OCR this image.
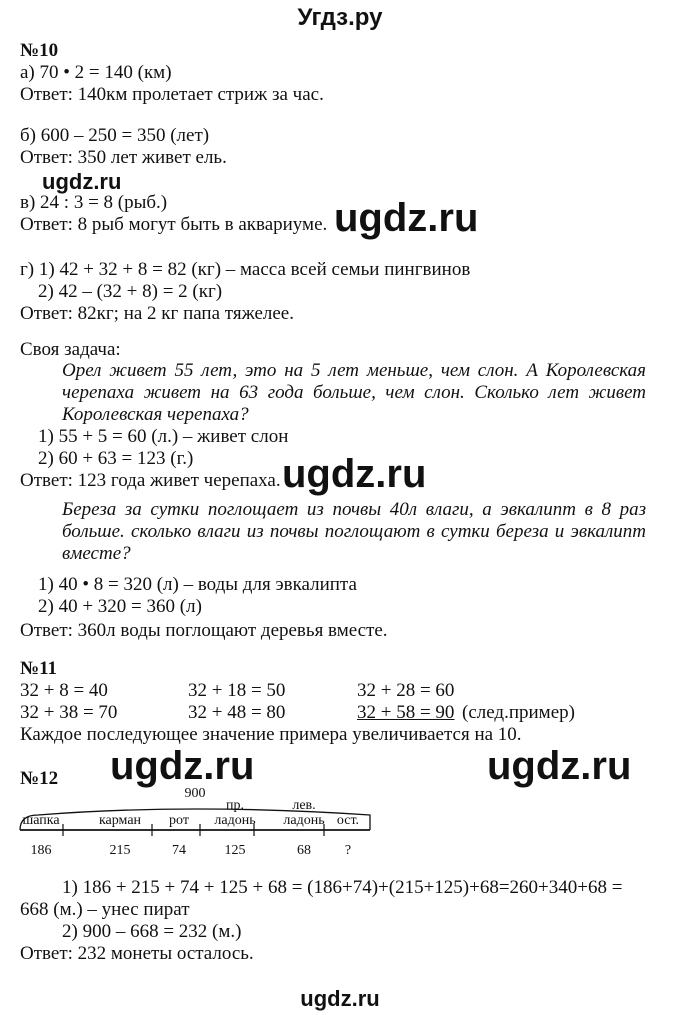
Угдз.ру
№10
а) 70 • 2 = 140 (км)
Ответ: 140км пролетает стриж за час.
б) 600 – 250 = 350 (лет)
Ответ: 350 лет живет ель.
ugdz.ru
в) 24 : 3 = 8 (рыб.)
Ответ: 8 рыб могут быть в аквариуме. ugdz.ru
г) 1) 42 + 32 + 8 = 82 (кг) – масса всей семьи пингвинов
2) 42 – (32 + 8) = 2 (кг)
Ответ: 82кг; на 2 кг папа тяжелее.
Своя задача:
Орел живет 55 лет, это на 5 лет меньше, чем слон. А Королевская черепаха живет на 63 года больше, чем слон. Сколько лет живет Королевская черепаха?
1) 55 + 5 = 60 (л.) – живет слон
2) 60 + 63 = 123 (г.)
Ответ: 123 года живет черепаха. ugdz.ru
Береза за сутки поглощает из почвы 40л влаги, а эвкалипт в 8 раз больше. сколько влаги из почвы поглощают в сутки береза и эвкалипт вместе?
1) 40 • 8 = 320 (л) – воды для эвкалипта
2) 40 + 320 = 360 (л)
Ответ: 360л воды поглощают деревья вместе.
№11
32 + 8 = 40	32 + 18 = 50	32 + 28 = 60
32 + 38 = 70	32 + 48 = 80	32 + 58 = 90 (след.пример)
Каждое последующее значение примера увеличивается на 10.
ugdz.ru	ugdz.ru
№12
900
шапка	карман	рот
пр.
ладонь
лев.
ладонь ост.
186	215	74	125	68	?
1) 186 + 215 + 74 + 125 + 68 = (186+74)+(215+125)+68=260+340+68 =
668 (м.) – унес пират
2) 900 – 668 = 232 (м.)
Ответ: 232 монеты осталось.
ugdz.ru
